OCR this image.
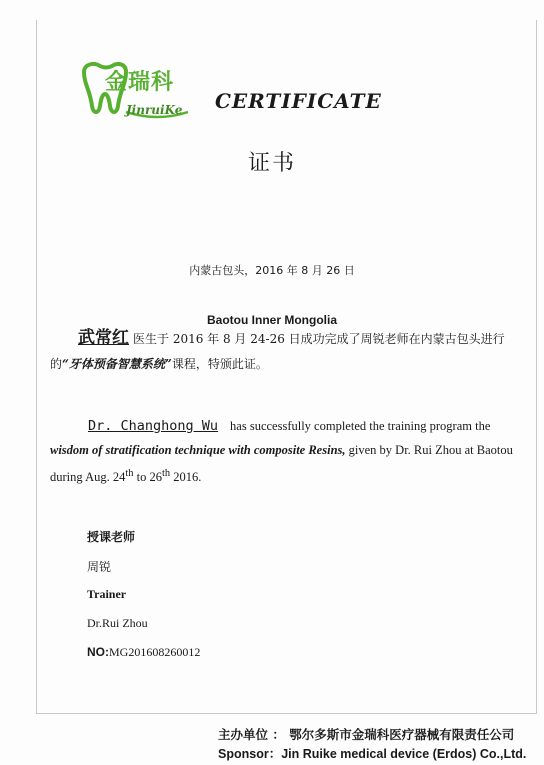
金瑞科
JinruiKe CERTIFICATE
证书
内蒙古包头，2016 年 8 月 26 日
Baotou Inner Mongolia
武常红 医生于 2016 年 8 月 24-26 日成功完成了周锐老师在内蒙古包头进行的“牙体预备智慧系统”课程，特颁此证。
Dr. Changhong Wu has successfully completed the training program the wisdom of stratification technique with composite Resins, given by Dr. Rui Zhou at Baotou during Aug. 24th to 26th 2016.
授课老师
周锐
Trainer
Dr.Rui Zhou
NO:MG201608260012
主办单位 ： 鄂尔多斯市金瑞科医疗器械有限责任公司
Sponsor：Jin Ruike medical device (Erdos) Co.,Ltd.
